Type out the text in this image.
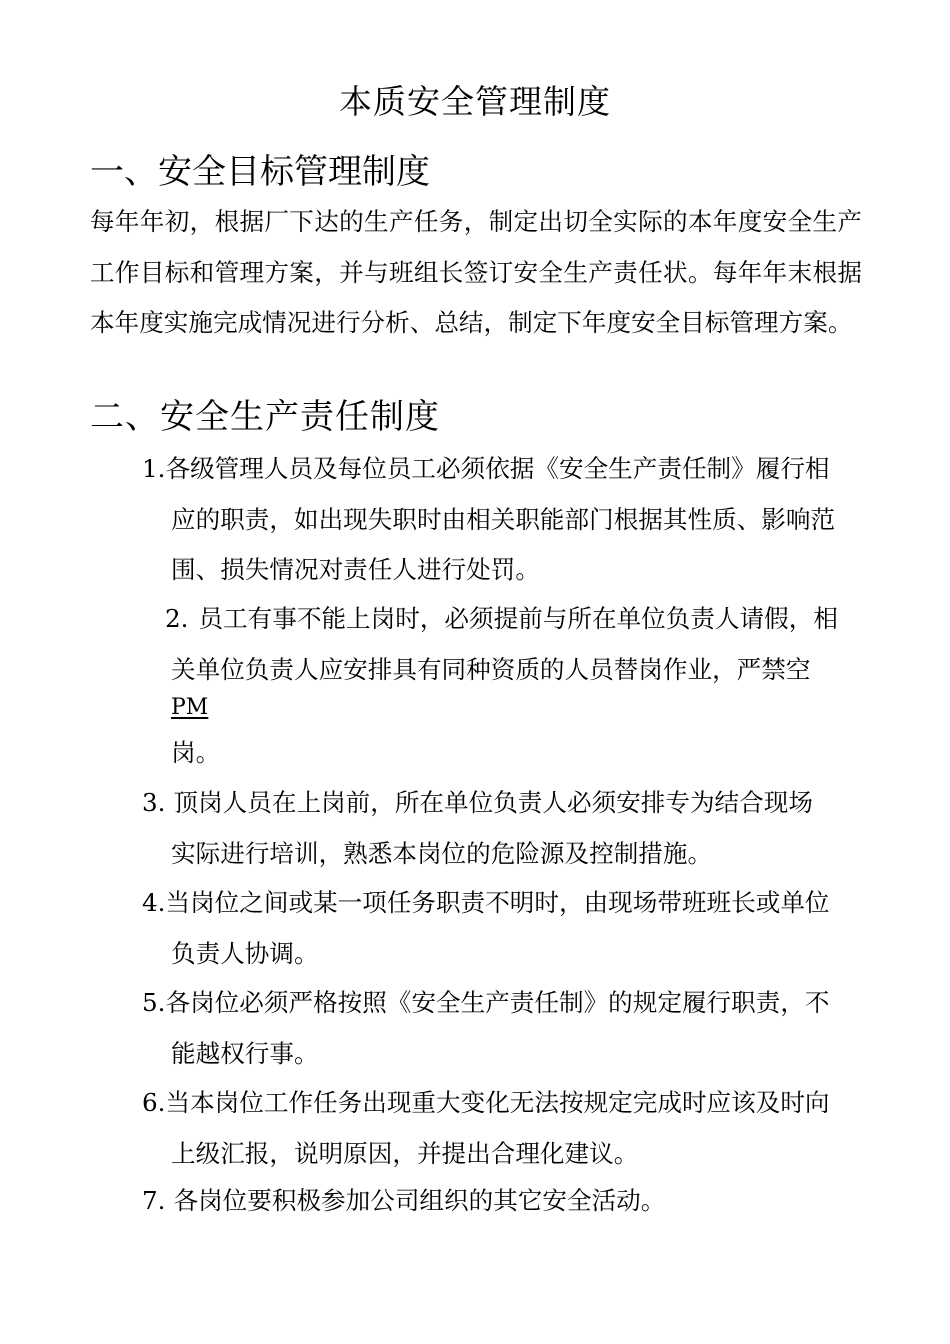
本质安全管理制度
一、安全目标管理制度
每年年初，根据厂下达的生产任务，制定出切全实际的本年度安全生产工作目标和管理方案，并与班组长签订安全生产责任状。每年年末根据本年度实施完成情况进行分析、总结，制定下年度安全目标管理方案。
二、安全生产责任制度
1.各级管理人员及每位员工必须依据《安全生产责任制》履行相
应的职责，如出现失职时由相关职能部门根据其性质、影响范
围、损失情况对责任人进行处罚。
2. 员工有事不能上岗时，必须提前与所在单位负责人请假，相
关单位负责人应安排具有同种资质的人员替岗作业，严禁空
PM
岗。
3. 顶岗人员在上岗前，所在单位负责人必须安排专为结合现场
实际进行培训，熟悉本岗位的危险源及控制措施。
4.当岗位之间或某一项任务职责不明时，由现场带班班长或单位
负责人协调。
5.各岗位必须严格按照《安全生产责任制》的规定履行职责，不
能越权行事。
6.当本岗位工作任务出现重大变化无法按规定完成时应该及时向
上级汇报，说明原因，并提出合理化建议。
7. 各岗位要积极参加公司组织的其它安全活动。
